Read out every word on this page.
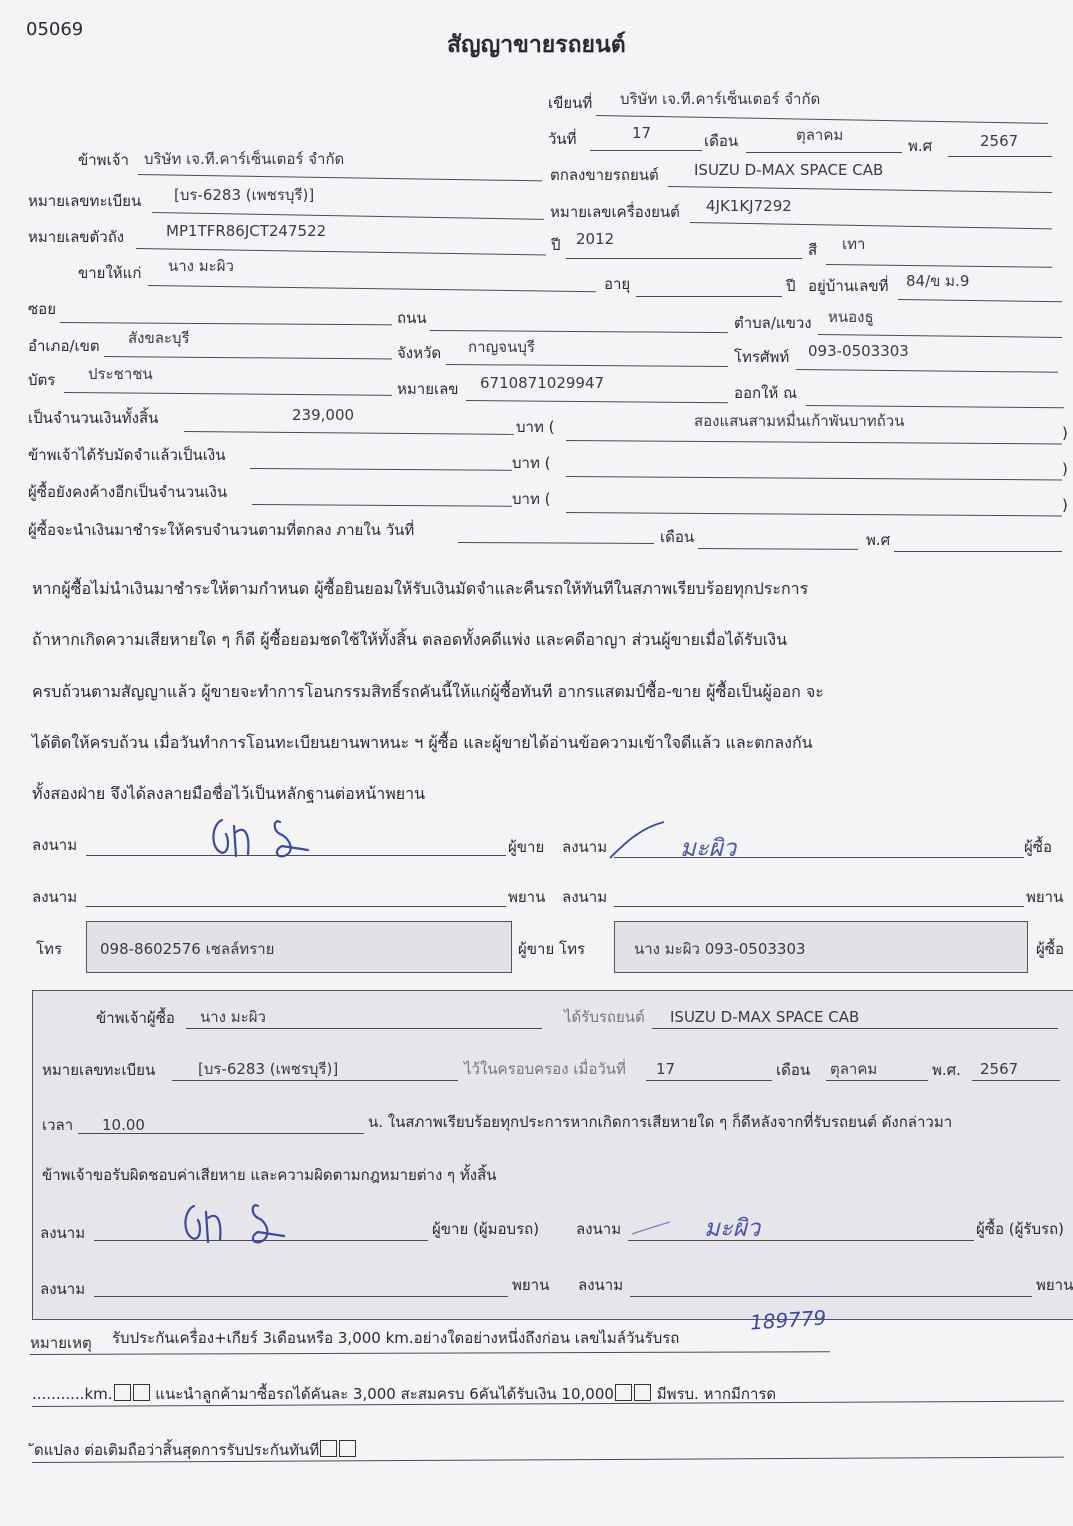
05069
สัญญาขายรถยนต์
เขียนที่ บริษัท เจ.ที.คาร์เซ็นเตอร์ จำกัด
วันที่	17	เดือน	ตุลาคม
พ.ศ	2567
ข้าพเจ้า บริษัท เจ.ที.คาร์เซ็นเตอร์ จำกัด
ตกลงขายรถยนต์ ISUZU D-MAX SPACE CAB
หมายเลขทะเบียน [บร-6283 (เพชรบุรี)]
หมายเลขเครื่องยนต์ 4JK1KJ7292
หมายเลขตัวถัง	MP1TFR86JCT247522
ปี 2012
สี เทา
ขายให้แก่ นาง มะผิว
อายุ	ปี อยู่บ้านเลขที่ 84/ข ม.9
ซอย	ถนน	ตำบล/แขวง หนองธู
อำเภอ/เขต สังขละบุรี
จังหวัด กาญจนบุรี
โทรศัพท์ 093-0503303
บัตร ประชาชน
หมายเลข 6710871029947
ออกให้ ณ
เป็นจำนวนเงินทั้งสิ้น	239,000
บาท (	สองแสนสามหมื่นเก้าพันบาทถ้วน
)
ข้าพเจ้าได้รับมัดจำแล้วเป็นเงิน	บาท (	)
ผู้ซื้อยังคงค้างอีกเป็นจำนวนเงิน	บาท (	)
ผู้ซื้อจะนำเงินมาชำระให้ครบจำนวนตามที่ตกลง ภายใน วันที่	เดือน	พ.ศ
หากผู้ซื้อไม่นำเงินมาชำระให้ตามกำหนด ผู้ซื้อยินยอมให้รับเงินมัดจำและคืนรถให้ทันทีในสภาพเรียบร้อยทุกประการ
ถ้าหากเกิดความเสียหายใด ๆ ก็ดี ผู้ซื้อยอมชดใช้ให้ทั้งสิ้น ตลอดทั้งคดีแพ่ง และคดีอาญา ส่วนผู้ขายเมื่อได้รับเงิน
ครบถ้วนตามสัญญาแล้ว ผู้ขายจะทำการโอนกรรมสิทธิ์รถคันนี้ให้แก่ผู้ซื้อทันที อากรแสตมป์ซื้อ-ขาย ผู้ซื้อเป็นผู้ออก จะ
ได้ติดให้ครบถ้วน เมื่อวันทำการโอนทะเบียนยานพาหนะ ฯ ผู้ซื้อ และผู้ขายได้อ่านข้อความเข้าใจดีแล้ว และตกลงกัน
ทั้งสองฝ่าย จึงได้ลงลายมือชื่อไว้เป็นหลักฐานต่อหน้าพยาน
ลงนาม	ผู้ขาย ลงนาม	มะผิว	ผู้ซื้อ
ลงนาม	พยาน ลงนาม	พยาน
โทร	098-8602576 เชลล์ทราย	ผู้ขาย โทร	นาง มะผิว 093-0503303	ผู้ซื้อ
ข้าพเจ้าผู้ซื้อ นาง มะผิว	ได้รับรถยนต์ ISUZU D-MAX SPACE CAB
หมายเลขทะเบียน	[บร-6283 (เพชรบุรี)]	ไว้ในครอบครอง เมื่อวันที่ 17	เดือน ตุลาคม	พ.ศ. 2567
เวลา 10.00	น. ในสภาพเรียบร้อยทุกประการหากเกิดการเสียหายใด ๆ ก็ดีหลังจากที่รับรถยนต์ ดังกล่าวมา
ข้าพเจ้าขอรับผิดชอบค่าเสียหาย และความผิดตามกฎหมายต่าง ๆ ทั้งสิ้น
ลงนาม	ผู้ขาย (ผู้มอบรถ) ลงนาม	มะผิว	ผู้ซื้อ (ผู้รับรถ)
ลงนาม	พยาน ลงนาม	พยาน
หมายเหตุ รับประกันเครื่อง+เกียร์ 3เดือนหรือ 3,000 km.อย่างใดอย่างหนึ่งถึงก่อน เลขไมล์วันรับรถ
189779
...........km.	แนะนำลูกค้ามาซื้อรถได้คันละ 3,000 สะสมครบ 6คันได้รับเงิน 10,000	มีพรบ. หากมีการด
ัดแปลง ต่อเติมถือว่าสิ้นสุดการรับประกันทันที
